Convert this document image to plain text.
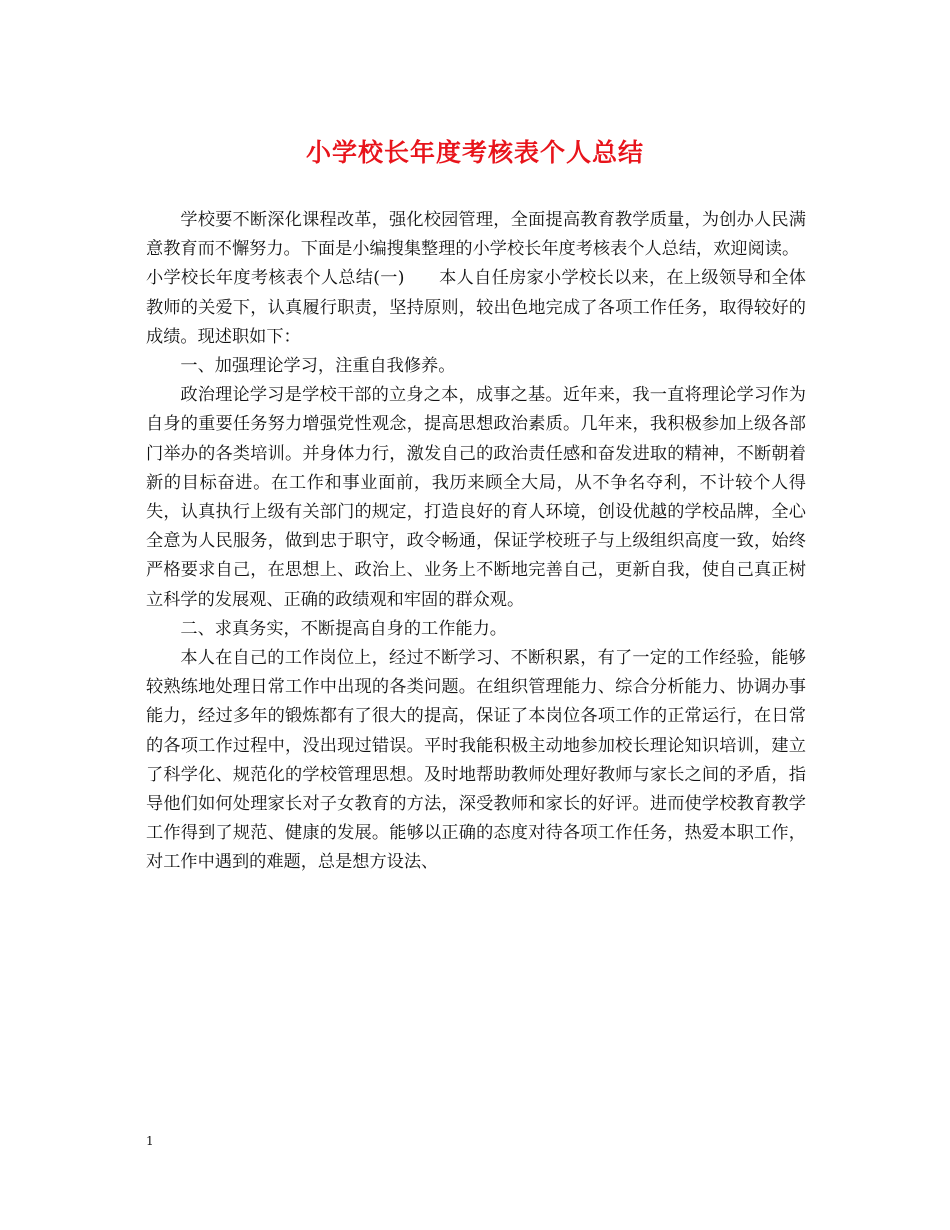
小学校长年度考核表个人总结

学校要不断深化课程改革，强化校园管理，全面提高教育教学质量，为创办人民满意教育而不懈努力。下面是小编搜集整理的小学校长年度考核表个人总结，欢迎阅读。

小学校长年度考核表个人总结(一) 本人自任房家小学校长以来，在上级领导和全体教师的关爱下，认真履行职责，坚持原则，较出色地完成了各项工作任务，取得较好的成绩。现述职如下：

一、加强理论学习，注重自我修养。

政治理论学习是学校干部的立身之本，成事之基。近年来，我一直将理论学习作为自身的重要任务努力增强党性观念，提高思想政治素质。几年来，我积极参加上级各部门举办的各类培训。并身体力行，激发自己的政治责任感和奋发进取的精神，不断朝着新的目标奋进。在工作和事业面前，我历来顾全大局，从不争名夺利，不计较个人得失，认真执行上级有关部门的规定，打造良好的育人环境，创设优越的学校品牌，全心全意为人民服务，做到忠于职守，政令畅通，保证学校班子与上级组织高度一致，始终严格要求自己，在思想上、政治上、业务上不断地完善自己，更新自我，使自己真正树立科学的发展观、正确的政绩观和牢固的群众观。

二、求真务实，不断提高自身的工作能力。

本人在自己的工作岗位上，经过不断学习、不断积累，有了一定的工作经验，能够较熟练地处理日常工作中出现的各类问题。在组织管理能力、综合分析能力、协调办事能力，经过多年的锻炼都有了很大的提高，保证了本岗位各项工作的正常运行，在日常的各项工作过程中，没出现过错误。平时我能积极主动地参加校长理论知识培训，建立了科学化、规范化的学校管理思想。及时地帮助教师处理好教师与家长之间的矛盾，指导他们如何处理家长对子女教育的方法，深受教师和家长的好评。进而使学校教育教学工作得到了规范、健康的发展。能够以正确的态度对待各项工作任务，热爱本职工作，对工作中遇到的难题，总是想方设法、

1
